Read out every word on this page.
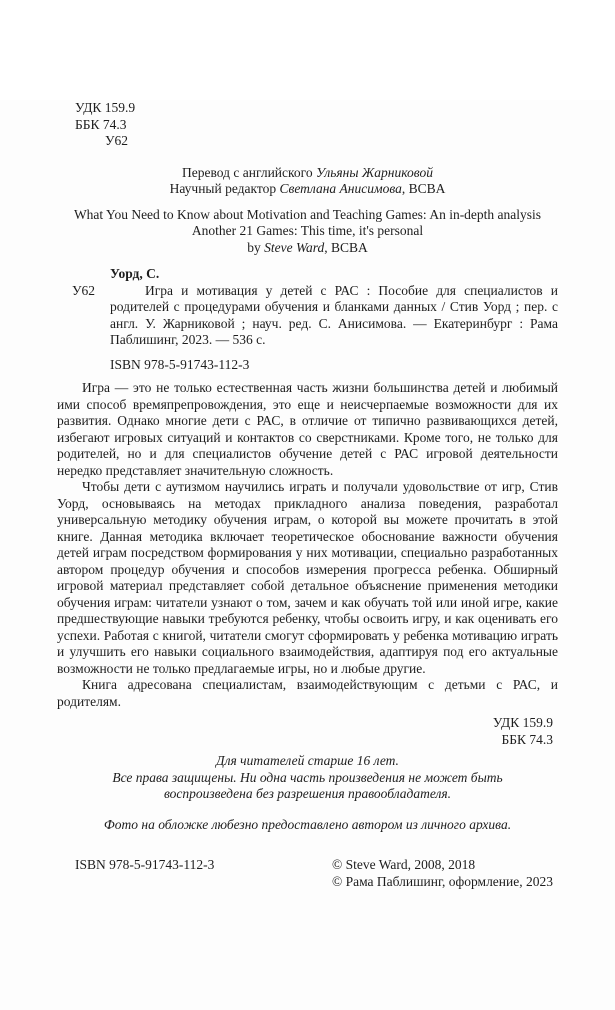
УДК 159.9
ББК 74.3
У62
Перевод с английского Ульяны Жарниковой
Научный редактор Светлана Анисимова, BCBA
What You Need to Know about Motivation and Teaching Games: An in-depth analysis
Another 21 Games: This time, it's personal
by Steve Ward, BCBA
Уорд, С.
У62	Игра и мотивация у детей с РАС : Пособие для специалистов и родителей с процедурами обучения и бланками данных / Стив Уорд ; пер. с англ. У. Жарниковой ; науч. ред. С. Анисимова. — Екатеринбург : Рама Паблишинг, 2023. — 536 с.

ISBN 978-5-91743-112-3

Игра — это не только естественная часть жизни большинства детей и любимый ими способ времяпрепровождения, это еще и неисчерпаемые возможности для их развития. Однако многие дети с РАС, в отличие от типично развивающихся детей, избегают игровых ситуаций и контактов со сверстниками. Кроме того, не только для родителей, но и для специалистов обучение детей с РАС игровой деятельности нередко представляет значительную сложность.

Чтобы дети с аутизмом научились играть и получали удовольствие от игр, Стив Уорд, основываясь на методах прикладного анализа поведения, разработал универсальную методику обучения играм, о которой вы можете прочитать в этой книге. Данная методика включает теоретическое обоснование важности обучения детей играм посредством формирования у них мотивации, специально разработанных автором процедур обучения и способов измерения прогресса ребенка. Обширный игровой материал представляет собой детальное объяснение применения методики обучения играм: читатели узнают о том, зачем и как обучать той или иной игре, какие предшествующие навыки требуются ребенку, чтобы освоить игру, и как оценивать его успехи. Работая с книгой, читатели смогут сформировать у ребенка мотивацию играть и улучшить его навыки социального взаимодействия, адаптируя под его актуальные возможности не только предлагаемые игры, но и любые другие.

Книга адресована специалистам, взаимодействующим с детьми с РАС, и родителям.

УДК 159.9
ББК 74.3
Для читателей старше 16 лет.
Все права защищены. Ни одна часть произведения не может быть
воспроизведена без разрешения правообладателя.
Фото на обложке любезно предоставлено автором из личного архива.
ISBN 978-5-91743-112-3	© Steve Ward, 2008, 2018
© Рама Паблишинг, оформление, 2023
